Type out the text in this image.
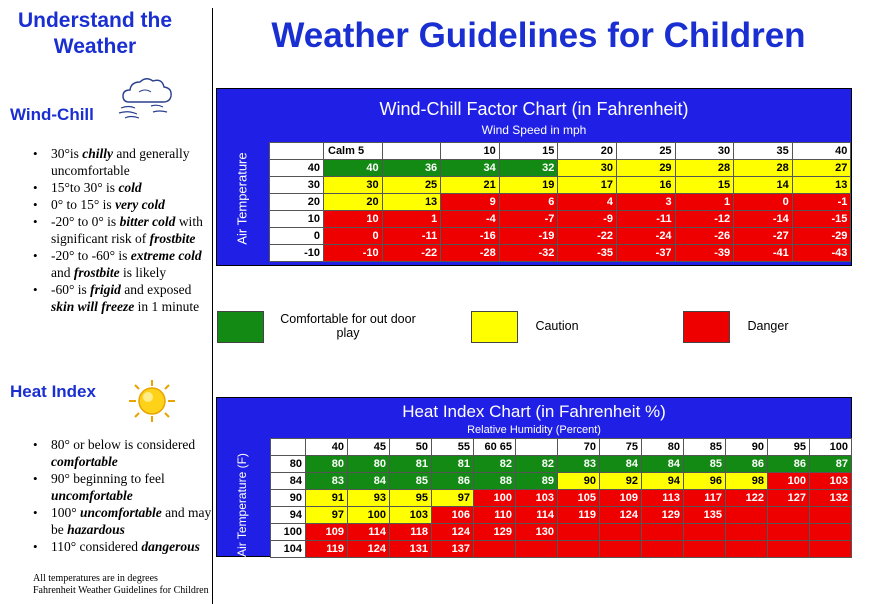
Understand the
Weather
Wind-Chill
• 30°is chilly and generally uncomfortable
• 15°to 30° is cold
• 0° to 15° is very cold
• -20° to 0° is bitter cold with significant risk of frostbite
• -20° to -60° is extreme cold and frostbite is likely
• -60° is frigid and exposed skin will freeze in 1 minute
Heat Index
• 80° or below is considered comfortable
• 90° beginning to feel uncomfortable
• 100° uncomfortable and may be hazardous
• 110° considered dangerous
All temperatures are in degrees
Fahrenheit Weather Guidelines for Children
Weather Guidelines for Children
Wind-Chill Factor Chart (in Fahrenheit)
Wind Speed in mph
Air Temperature
	Calm 5		10	15	20	25	30	35	40
40	40	36	34	32	30	29	28	28	27
30	30	25	21	19	17	16	15	14	13
20	20	13	9	6	4	3	1	0	-1
10	10	1	-4	-7	-9	-11	-12	-14	-15
0	0	-11	-16	-19	-22	-24	-26	-27	-29
-10	-10	-22	-28	-32	-35	-37	-39	-41	-43
Comfortable for out door
play	Caution	Danger
Heat Index Chart (in Fahrenheit %)
Relative Humidity (Percent)
Air Temperature (F)
	40	45	50	55	60 65		70	75	80	85	90	95	100
80	80	80	81	81	82	82	83	84	84	85	86	86	87
84	83	84	85	86	88	89	90	92	94	96	98	100	103
90	91	93	95	97	100	103	105	109	113	117	122	127	132
94	97	100	103	106	110	114	119	124	129	135			
100	109	114	118	124	129	130							
104	119	124	131	137									
